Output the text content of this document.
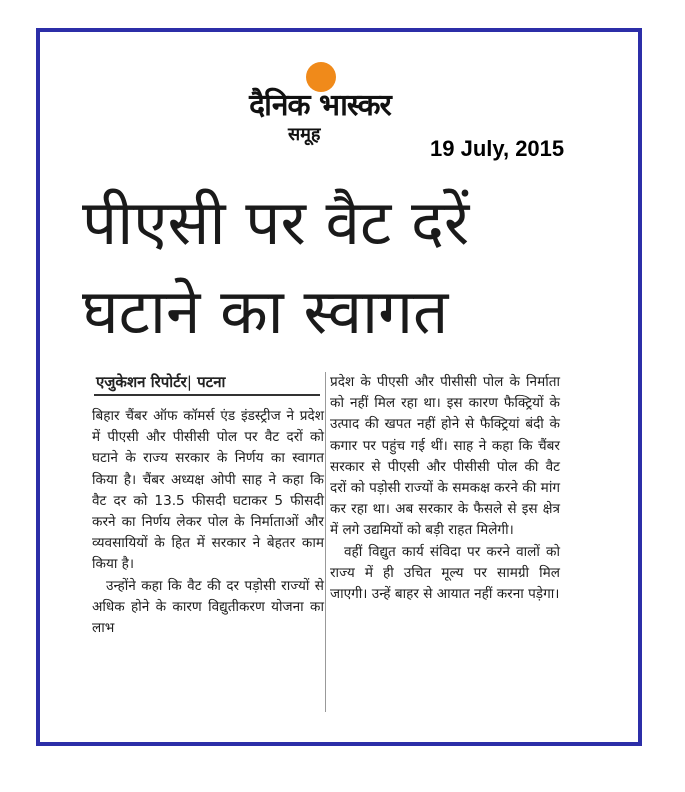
दैनिक भास्कर
समूह
19 July, 2015
पीएसी पर वैट दरें
घटाने का स्वागत
एजुकेशन रिपोर्टर| पटना

बिहार चैंबर ऑफ कॉमर्स एंड इंडस्ट्रीज ने प्रदेश में पीएसी और पीसीसी पोल पर वैट दरों को घटाने के राज्य सरकार के निर्णय का स्वागत किया है। चैंबर अध्यक्ष ओपी साह ने कहा कि वैट दर को 13.5 फीसदी घटाकर 5 फीसदी करने का निर्णय लेकर पोल के निर्माताओं और व्यवसायियों के हित में सरकार ने बेहतर काम किया है।

उन्होंने कहा कि वैट की दर पड़ोसी राज्यों से अधिक होने के कारण विद्युतीकरण योजना का लाभ

प्रदेश के पीएसी और पीसीसी पोल के निर्माता को नहीं मिल रहा था। इस कारण फैक्ट्रियों के उत्पाद की खपत नहीं होने से फैक्ट्रियां बंदी के कगार पर पहुंच गई थीं। साह ने कहा कि चैंबर सरकार से पीएसी और पीसीसी पोल की वैट दरों को पड़ोसी राज्यों के समकक्ष करने की मांग कर रहा था। अब सरकार के फैसले से इस क्षेत्र में लगे उद्यमियों को बड़ी राहत मिलेगी।

वहीं विद्युत कार्य संविदा पर करने वालों को राज्य में ही उचित मूल्य पर सामग्री मिल जाएगी। उन्हें बाहर से आयात नहीं करना पड़ेगा।
